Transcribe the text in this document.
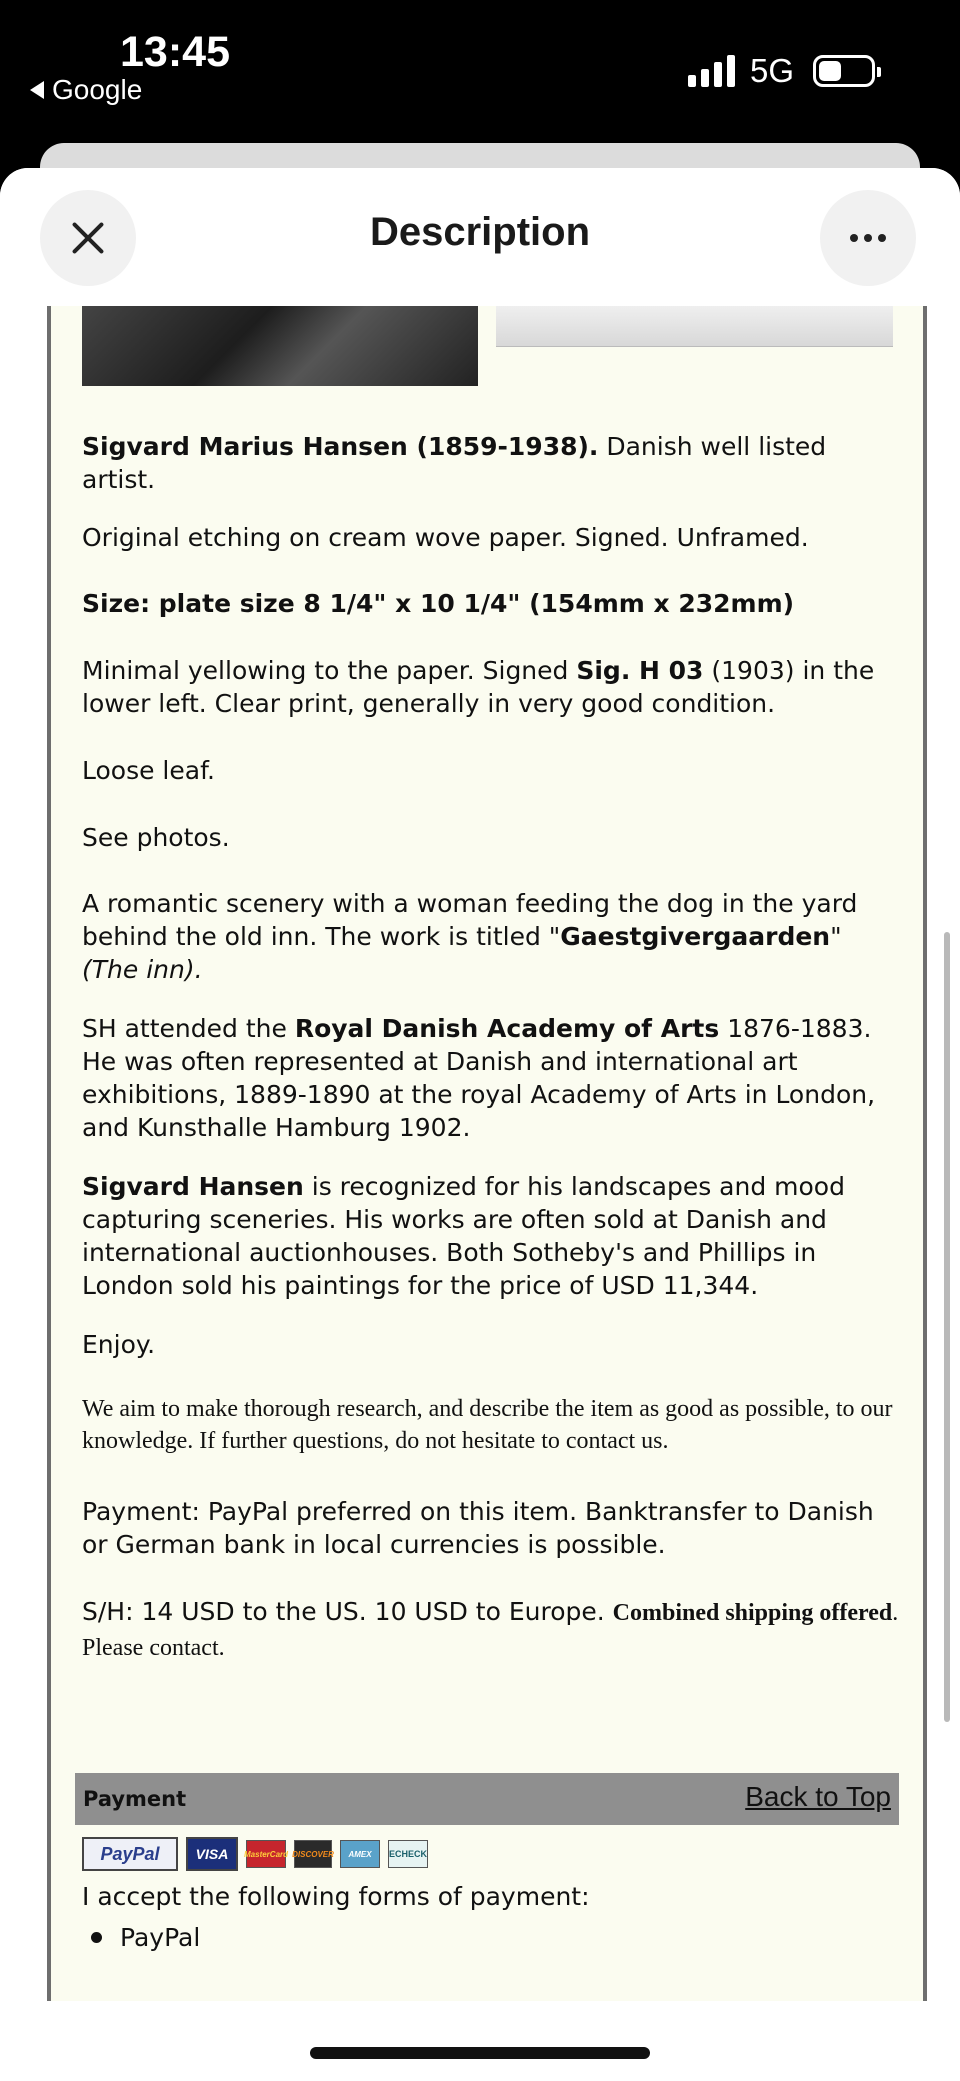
13:45
Google
5G
Description
Sigvard Marius Hansen (1859-1938). Danish well listed artist.
Original etching on cream wove paper. Signed. Unframed.
Size: plate size 8 1/4" x 10 1/4" (154mm x 232mm)
Minimal yellowing to the paper. Signed Sig. H 03 (1903) in the lower left. Clear print, generally in very good condition.
Loose leaf.
See photos.
A romantic scenery with a woman feeding the dog in the yard behind the old inn. The work is titled "Gaestgivergaarden"
(The inn).
SH attended the Royal Danish Academy of Arts 1876-1883. He was often represented at Danish and international art exhibitions, 1889-1890 at the royal Academy of Arts in London, and Kunsthalle Hamburg 1902.
Sigvard Hansen is recognized for his landscapes and mood capturing sceneries. His works are often sold at Danish and international auctionhouses. Both Sotheby's and Phillips in London sold his paintings for the price of USD 11,344.
Enjoy.
We aim to make thorough research, and describe the item as good as possible, to our knowledge. If further questions, do not hesitate to contact us.
Payment: PayPal preferred on this item. Banktransfer to Danish or German bank in local currencies is possible.
S/H: 14 USD to the US. 10 USD to Europe. Combined shipping offered. Please contact.
Payment	Back to Top
PayPal	VISA	MasterCard DISCOVER	AMEX	ECHECK
I accept the following forms of payment:
PayPal
